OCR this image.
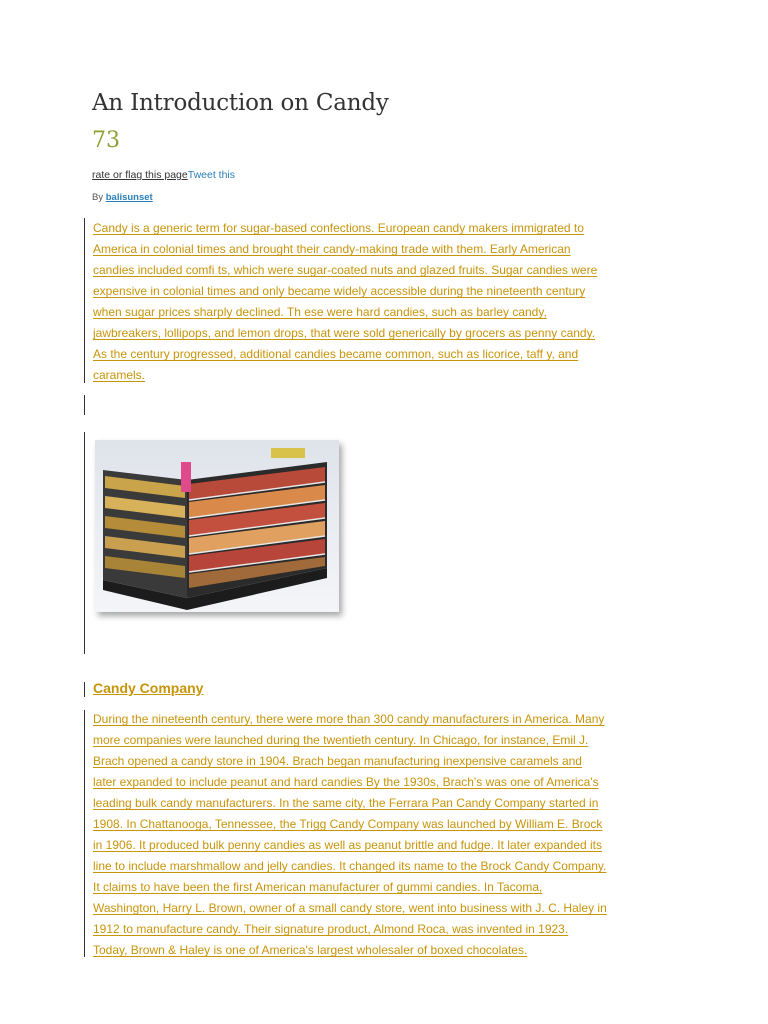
An Introduction on Candy
73
rate or flag this pageTweet this
By balisunset
Candy is a generic term for sugar-based confections. European candy makers immigrated to
America in colonial times and brought their candy-making trade with them. Early American
candies included comfi ts, which were sugar-coated nuts and glazed fruits. Sugar candies were
expensive in colonial times and only became widely accessible during the nineteenth century
when sugar prices sharply declined. Th ese were hard candies, such as barley candy,
jawbreakers, lollipops, and lemon drops, that were sold generically by grocers as penny candy.
As the century progressed, additional candies became common, such as licorice, taff y, and
caramels.
Candy Company
During the nineteenth century, there were more than 300 candy manufacturers in America. Many
more companies were launched during the twentieth century. In Chicago, for instance, Emil J.
Brach opened a candy store in 1904. Brach began manufacturing inexpensive caramels and
later expanded to include peanut and hard candies By the 1930s, Brach's was one of America's
leading bulk candy manufacturers. In the same city, the Ferrara Pan Candy Company started in
1908. In Chattanooga, Tennessee, the Trigg Candy Company was launched by William E. Brock
in 1906. It produced bulk penny candies as well as peanut brittle and fudge. It later expanded its
line to include marshmallow and jelly candies. It changed its name to the Brock Candy Company.
It claims to have been the first American manufacturer of gummi candies. In Tacoma,
Washington, Harry L. Brown, owner of a small candy store, went into business with J. C. Haley in
1912 to manufacture candy. Their signature product, Almond Roca, was invented in 1923.
Today, Brown & Haley is one of America's largest wholesaler of boxed chocolates.
